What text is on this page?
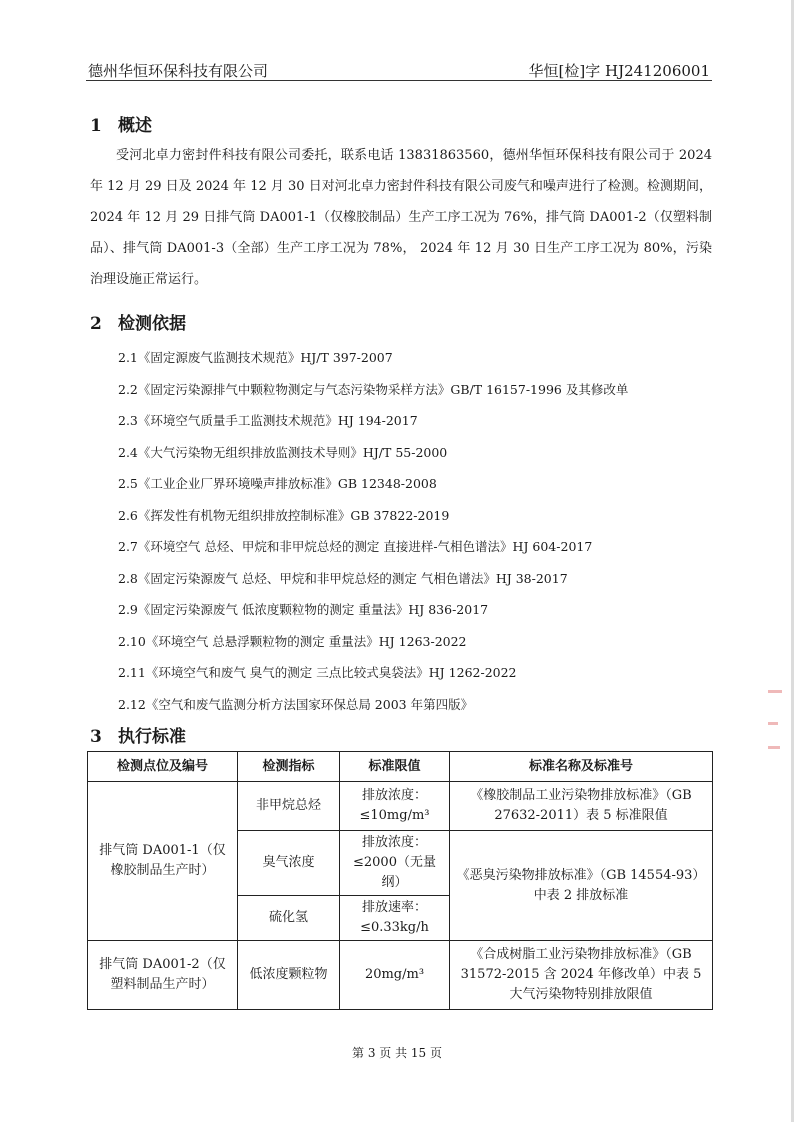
德州华恒环保科技有限公司	华恒[检]字 HJ241206001
1 概述
受河北卓力密封件科技有限公司委托，联系电话 13831863560，德州华恒环保科技有限公司于 2024 年 12 月 29 日及 2024 年 12 月 30 日对河北卓力密封件科技有限公司废气和噪声进行了检测。检测期间， 2024 年 12 月 29 日排气筒 DA001-1（仅橡胶制品）生产工序工况为 76%，排气筒 DA001-2（仅塑料制品）、排气筒 DA001-3（全部）生产工序工况为 78%， 2024 年 12 月 30 日生产工序工况为 80%，污染治理设施正常运行。
2 检测依据
2.1《固定源废气监测技术规范》HJ/T 397-2007
2.2《固定污染源排气中颗粒物测定与气态污染物采样方法》GB/T 16157-1996 及其修改单
2.3《环境空气质量手工监测技术规范》HJ 194-2017
2.4《大气污染物无组织排放监测技术导则》HJ/T 55-2000
2.5《工业企业厂界环境噪声排放标准》GB 12348-2008
2.6《挥发性有机物无组织排放控制标准》GB 37822-2019
2.7《环境空气 总烃、甲烷和非甲烷总烃的测定 直接进样-气相色谱法》HJ 604-2017
2.8《固定污染源废气 总烃、甲烷和非甲烷总烃的测定 气相色谱法》HJ 38-2017
2.9《固定污染源废气 低浓度颗粒物的测定 重量法》HJ 836-2017
2.10《环境空气 总悬浮颗粒物的测定 重量法》HJ 1263-2022
2.11《环境空气和废气 臭气的测定 三点比较式臭袋法》HJ 1262-2022
2.12《空气和废气监测分析方法国家环保总局 2003 年第四版》
3 执行标准
检测点位及编号	检测指标	标准限值	标准名称及标准号
排气筒 DA001-1（仅橡胶制品生产时）	非甲烷总烃	排放浓度：≤10mg/m³	《橡胶制品工业污染物排放标准》（GB 27632-2011）表 5 标准限值
	臭气浓度	排放浓度：≤2000（无量纲）	《恶臭污染物排放标准》（GB 14554-93）中表 2 排放标准
	硫化氢	排放速率：≤0.33kg/h	
排气筒 DA001-2（仅塑料制品生产时）	低浓度颗粒物	20mg/m³	《合成树脂工业污染物排放标准》（GB 31572-2015 含 2024 年修改单）中表 5 大气污染物特别排放限值
第 3 页 共 15 页
